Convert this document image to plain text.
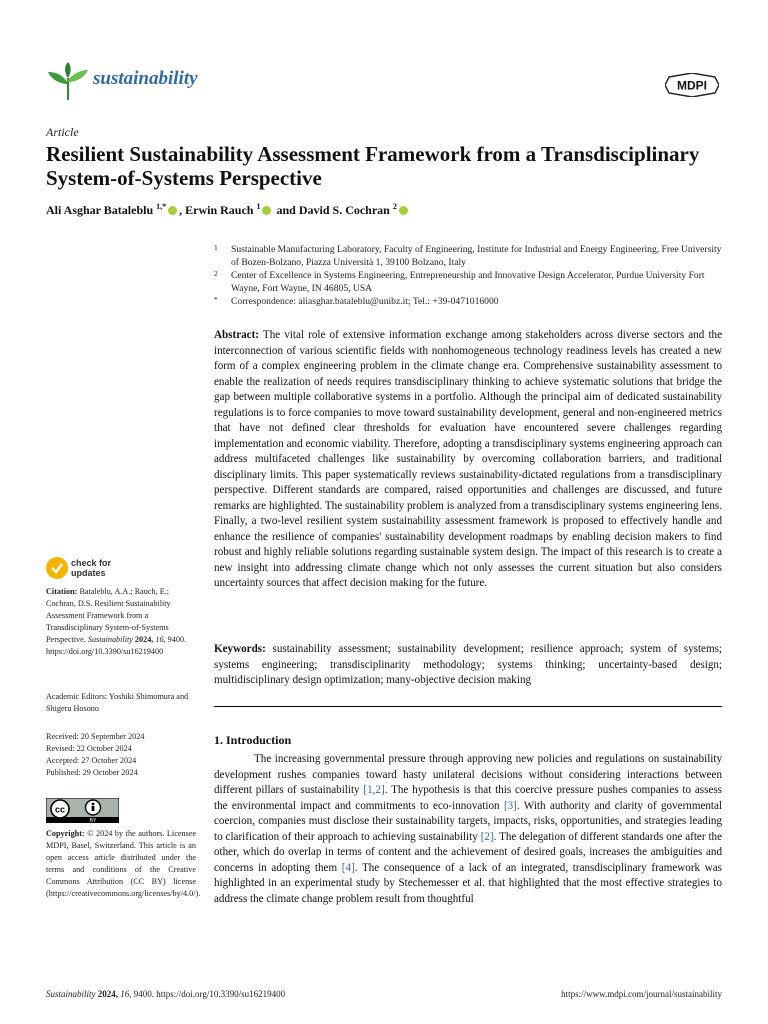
sustainability	MDPI
Article
Resilient Sustainability Assessment Framework from a Transdisciplinary System-of-Systems Perspective
Ali Asghar Bataleblu $^{1,*}$ , Erwin Rauch $^1$ and David S. Cochran $^2$
1 Sustainable Manufacturing Laboratory, Faculty of Engineering, Institute for Industrial and Energy Engineering, Free University of Bozen-Bolzano, Piazza Università 1, 39100 Bolzano, Italy
2 Center of Excellence in Systems Engineering, Entrepreneurship and Innovative Design Accelerator, Purdue University Fort Wayne, Fort Wayne, IN 46805, USA
* Correspondence: aliasghar.bataleblu@unibz.it; Tel.: +39-0471016000
Abstract: The vital role of extensive information exchange among stakeholders across diverse sectors and the interconnection of various scientific fields with nonhomogeneous technology readiness levels has created a new form of a complex engineering problem in the climate change era. Comprehensive sustainability assessment to enable the realization of needs requires transdisciplinary thinking to achieve systematic solutions that bridge the gap between multiple collaborative systems in a portfolio. Although the principal aim of dedicated sustainability regulations is to force companies to move toward sustainability development, general and non-engineered metrics that have not defined clear thresholds for evaluation have encountered severe challenges regarding implementation and economic viability. Therefore, adopting a transdisciplinary systems engineering approach can address multifaceted challenges like sustainability by overcoming collaboration barriers, and traditional disciplinary limits. This paper systematically reviews sustainability-dictated regulations from a transdisciplinary perspective. Different standards are compared, raised opportunities and challenges are discussed, and future remarks are highlighted. The sustainability problem is analyzed from a transdisciplinary systems engineering lens. Finally, a two-level resilient system sustainability assessment framework is proposed to effectively handle and enhance the resilience of companies' sustainability development roadmaps by enabling decision makers to find robust and highly reliable solutions regarding sustainable system design. The impact of this research is to create a new insight into addressing climate change which not only assesses the current situation but also considers uncertainty sources that affect decision making for the future.
Keywords: sustainability assessment; sustainability development; resilience approach; system of systems; systems engineering; transdisciplinarity methodology; systems thinking; uncertainty-based design; multidisciplinary design optimization; many-objective decision making
1. Introduction
The increasing governmental pressure through approving new policies and regulations on sustainability development rushes companies toward hasty unilateral decisions without considering interactions between different pillars of sustainability [1,2]. The hypothesis is that this coercive pressure pushes companies to assess the environmental impact and commitments to eco-innovation [3]. With authority and clarity of governmental coercion, companies must disclose their sustainability targets, impacts, risks, opportunities, and strategies leading to clarification of their approach to achieving sustainability [2]. The delegation of different standards one after the other, which do overlap in terms of content and the achievement of desired goals, increases the ambiguities and concerns in adopting them [4]. The consequence of a lack of an integrated, transdisciplinary framework was highlighted in an experimental study by Stechemesser et al. that highlighted that the most effective strategies to address the climate change problem result from thoughtful
check for
updates
Citation: Bataleblu, A.A.; Rauch, E.; Cochran, D.S. Resilient Sustainability Assessment Framework from a Transdisciplinary System-of-Systems Perspective. Sustainability 2024, 16, 9400. https://doi.org/10.3390/su16219400
Academic Editors: Yoshiki Shimomura and Shigeru Hosono
Received: 20 September 2024
Revised: 22 October 2024
Accepted: 27 October 2024
Published: 29 October 2024
cc
BY
Copyright: © 2024 by the authors. Licensee MDPI, Basel, Switzerland. This article is an open access article distributed under the terms and conditions of the Creative Commons Attribution (CC BY) license (https://creativecommons.org/licenses/by/4.0/).
Sustainability 2024, 16, 9400. https://doi.org/10.3390/su16219400	https://www.mdpi.com/journal/sustainability
